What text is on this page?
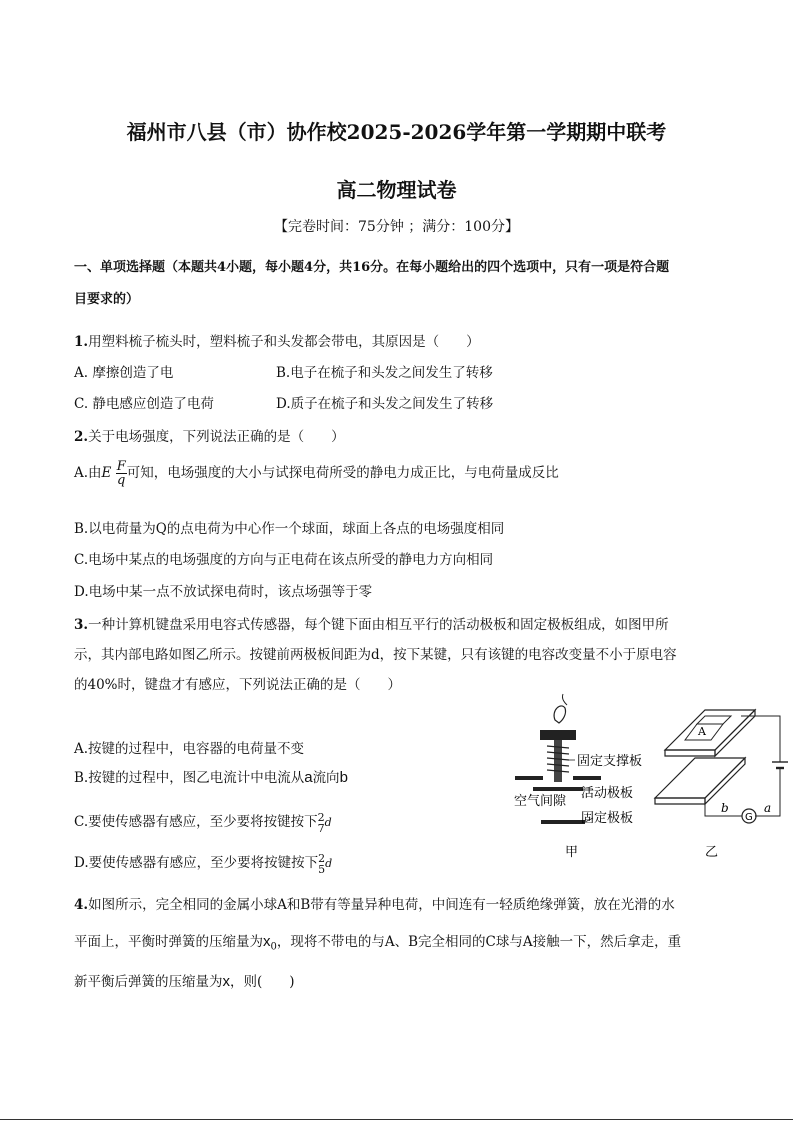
福州市八县（市）协作校2025-2026学年第一学期期中联考
高二物理试卷
【完卷时间：75分钟 ；满分：100分】
一、单项选择题（本题共4小题，每小题4分，共16分。在每小题给出的四个选项中，只有一项是符合题
目要求的）
1.用塑料梳子梳头时，塑料梳子和头发都会带电，其原因是（　　）
A. 摩擦创造了电	B.电子在梳子和头发之间发生了转移
C. 静电感应创造了电荷	D.质子在梳子和头发之间发生了转移
2.关于电场强度，下列说法正确的是（　　）
A.由E $\frac{F}{q}$ 可知，电场强度的大小与试探电荷所受的静电力成正比，与电荷量成反比
B.以电荷量为Q的点电荷为中心作一个球面，球面上各点的电场强度相同
C.电场中某点的电场强度的方向与正电荷在该点所受的静电力方向相同
D.电场中某一点不放试探电荷时，该点场强等于零
3.一种计算机键盘采用电容式传感器，每个键下面由相互平行的活动极板和固定极板组成，如图甲所
示，其内部电路如图乙所示。按键前两极板间距为d，按下某键，只有该键的电容改变量不小于原电容
的40%时，键盘才有感应，下列说法正确的是（　　）
A.按键的过程中，电容器的电荷量不变
B.按键的过程中，图乙电流计中电流从a流向b
C.要使传感器有感应，至少要将按键按下 2
7 d
D.要使传感器有感应，至少要将按键按下 2
5 d
固定支撑板
空气间隙
活动极板
固定极板
甲
A
G
b	a
乙
4.如图所示，完全相同的金属小球A和B带有等量异种电荷，中间连有一轻质绝缘弹簧，放在光滑的水
平面上，平衡时弹簧的压缩量为$x_0$，现将不带电的与A、B完全相同的C球与A接触一下，然后拿走，重
新平衡后弹簧的压缩量为x，则(　　)
